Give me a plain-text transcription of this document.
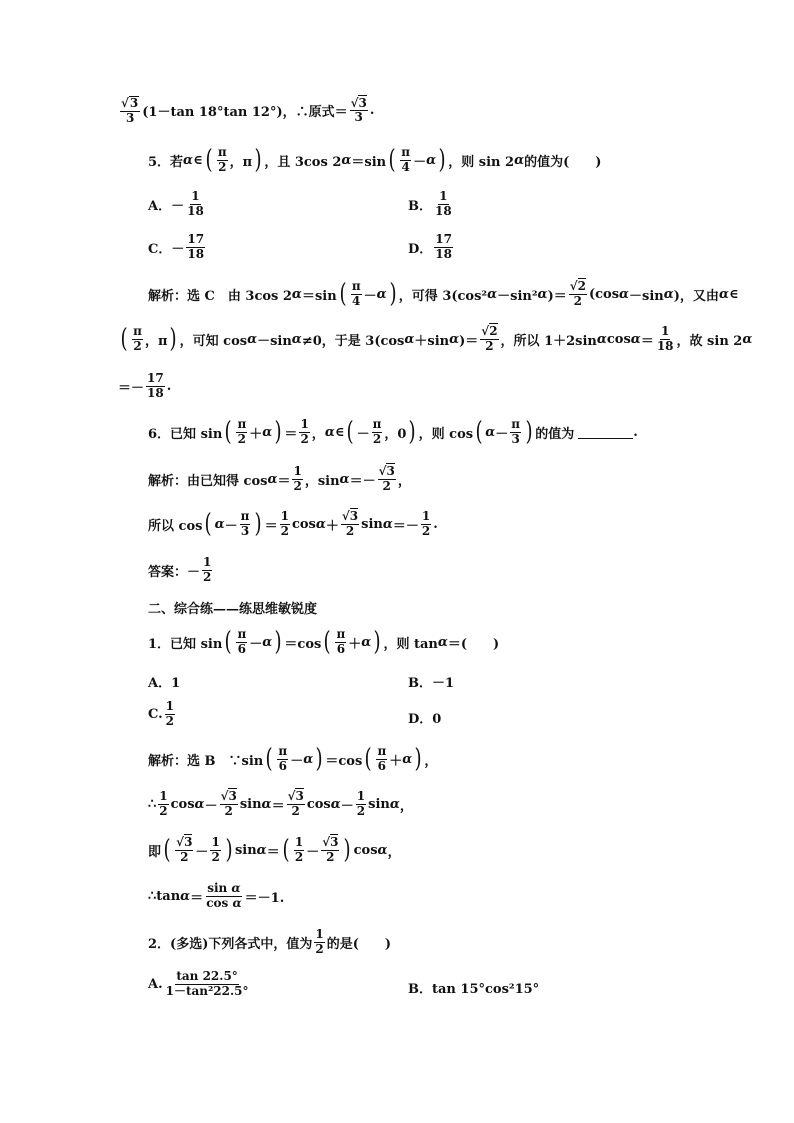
$\frac{√ 3}{3} (1-\tan$ 18°tan 12°)，∴原式＝ $\frac{√3}{3}$ .
5．若 α ∈ ( $\frac{\pi}{2}$ ，π ) ，且 3cos 2 α ＝sin ( $\frac{\pi}{4} - \alpha$ ) ，则 sin 2 α 的值为(　　)
A．－ $\frac{1}{18}$	B． $\frac{1}{18}$
C．－ $\frac{17}{18}$	D． $\frac{17}{18}$
解析：选 C　由 3cos 2 α ＝sin ( $\frac{\pi}{4} - \alpha$ ) ，可得 3(cos² α －sin² α )＝ $\frac{√2}{2} (\cos$ α －sin α )，又由 α ∈
( $\frac{\pi}{2}$ ，π ) ，可知 cos α －sin α ≠0，于是 3(cos α ＋sin α )＝ $\frac{√2}{2}$ ，所以 1＋2sin α $\cos \alpha = \frac{1}{18}$ ，故 sin 2 α
＝－ $\frac{17}{18}$ .
6．已知 sin ( $\frac{\pi}{2} + \alpha$ ) ＝ $\frac{1}{2}$ ， α ∈ ( － $\frac{\pi}{2}$ ，0 ) ，则 cos ( $\alpha - \frac{\pi}{3}$ ) 的值为	.
解析：由已知得 $\cos \alpha = \frac{1}{2}$ ，$\sin \alpha =- \frac{√3}{2}$ ，
所以 cos ( $\alpha - \frac{\pi}{3}$ ) ＝ $\frac{1}{2}$ $\cos \alpha + \frac{√3}{2}$ $\sin \alpha =- \frac{1}{2}$ .
答案：－ $\frac{1}{2}$
二、综合练——练思维敏锐度
1．已知 sin ( $\frac{\pi}{6} - \alpha$ ) ＝cos ( $\frac{\pi}{6} + \alpha$ ) ，则 tan α ＝(　　)
A．1	B．－1
C. $\frac{1}{2}$	D．0
解析：选 B　∵sin ( $\frac{\pi}{6} - \alpha$ ) ＝cos ( $\frac{\pi}{6} + \alpha$ ) ，
∴ $\frac{1}{2}$ $\cos \alpha - \frac{√3}{2}$ $\sin \alpha = \frac{√3}{2}$ $\cos \alpha - \frac{1}{2}$ sin α ，
即 ( $\frac{√3}{2} - \frac{1}{2}$ ) sin α ＝ ( $\frac{1}{2} - \frac{√3}{2}$ ) cos α ，
∴tan $\alpha = \frac{\text{sin α}}{\text{cos α}} =-1$.
2．(多选)下列各式中，值为 $\frac{1}{2}$ 的是(　　)
A. $\frac{\tan 22.5^\circ}{\text{1－tan²22.5°}}$	B．tan 15°cos²15°
